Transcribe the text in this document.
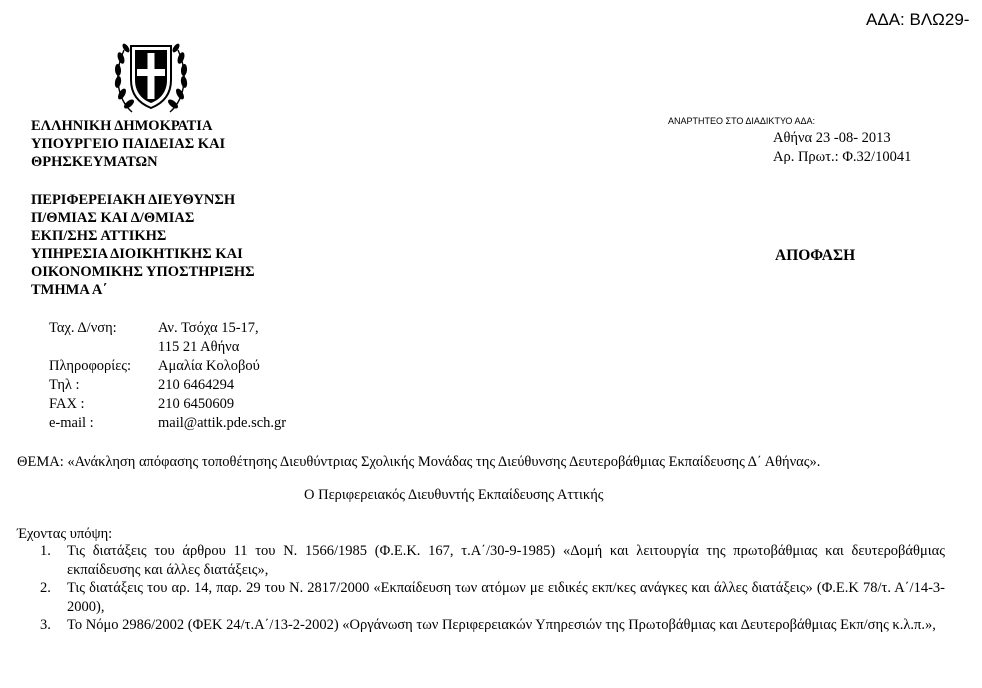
ΑΔΑ: ΒΛΩ29-
ΕΛΛΗΝΙΚΗ ΔΗΜΟΚΡΑΤΙΑ
ΥΠΟΥΡΓΕΙΟ ΠΑΙΔΕΙΑΣ ΚΑΙ
ΘΡΗΣΚΕΥΜΑΤΩΝ
ΠΕΡΙΦΕΡΕΙΑΚΗ ΔΙΕΥΘΥΝΣΗ
Π/ΘΜΙΑΣ ΚΑΙ Δ/ΘΜΙΑΣ
ΕΚΠ/ΣΗΣ ΑΤΤΙΚΗΣ
ΥΠΗΡΕΣΙΑ ΔΙΟΙΚΗΤΙΚΗΣ ΚΑΙ
ΟΙΚΟΝΟΜΙΚΗΣ ΥΠΟΣΤΗΡΙΞΗΣ
ΤΜΗΜΑ Α΄
ΑΝΑΡΤΗΤΕΟ ΣΤΟ ΔΙΑΔΙΚΤΥΟ ΑΔΑ:
Αθήνα 23 -08- 2013
Αρ. Πρωτ.: Φ.32/10041
ΑΠΟΦΑΣΗ
Ταχ. Δ/νση:	Αν. Τσόχα 15-17,
115 21 Αθήνα
Πληροφορίες: Αμαλία Κολοβού
Τηλ :	210 6464294
FAX :	210 6450609
e-mail :	mail@attik.pde.sch.gr
ΘΕΜΑ: «Ανάκληση απόφασης τοποθέτησης Διευθύντριας Σχολικής Μονάδας της Διεύθυνσης Δευτεροβάθμιας Εκπαίδευσης Δ΄ Αθήνας».
Ο Περιφερειακός Διευθυντής Εκπαίδευσης Αττικής
Έχοντας υπόψη:
1.	Τις διατάξεις του άρθρου 11 του Ν. 1566/1985 (Φ.Ε.Κ. 167, τ.Α΄/30-9-1985) «Δομή και λειτουργία της πρωτοβάθμιας και δευτεροβάθμιας εκπαίδευσης και άλλες διατάξεις»,
2.	Τις διατάξεις του αρ. 14, παρ. 29 του Ν. 2817/2000 «Εκπαίδευση των ατόμων με ειδικές εκπ/κες ανάγκες και άλλες διατάξεις» (Φ.Ε.Κ 78/τ. Α΄/14-3-2000),
3.	Το Νόμο 2986/2002 (ΦΕΚ 24/τ.Α΄/13-2-2002) «Οργάνωση των Περιφερειακών Υπηρεσιών της Πρωτοβάθμιας και Δευτεροβάθμιας Εκπ/σης κ.λ.π.»,
